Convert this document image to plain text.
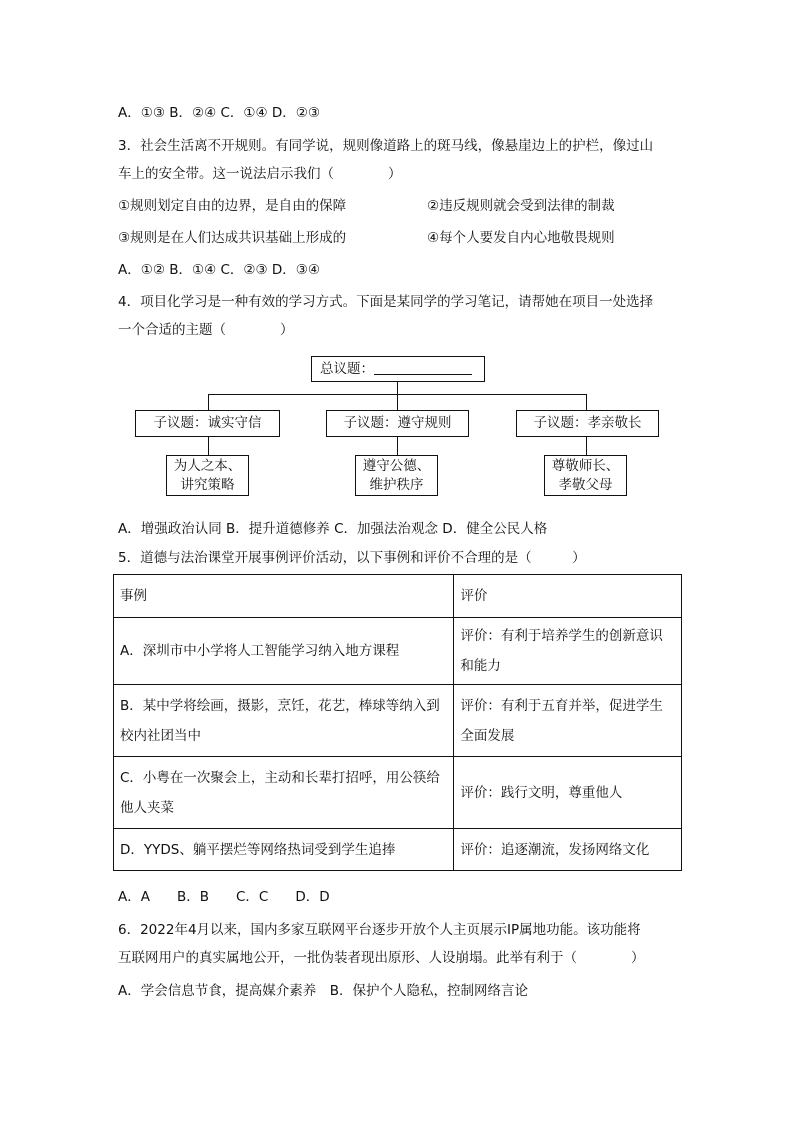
A．①③ B．②④ C．①④ D．②③
3．社会生活离不开规则。有同学说，规则像道路上的斑马线，像悬崖边上的护栏，像过山
车上的安全带。这一说法启示我们（　　　　）
①规则划定自由的边界，是自由的保障	②违反规则就会受到法律的制裁
③规则是在人们达成共识基础上形成的	④每个人要发自内心地敬畏规则
A．①② B．①④ C．②③ D．③④
4．项目化学习是一种有效的学习方式。下面是某同学的学习笔记，请帮她在项目一处选择
一个合适的主题（　　　　）
总议题：
子议题：诚实守信	子议题：遵守规则	子议题：孝亲敬长
为人之本、
讲究策略
遵守公德、
维护秩序
尊敬师长、
孝敬父母
A．增强政治认同 B．提升道德修养 C．加强法治观念 D．健全公民人格
5．道德与法治课堂开展事例评价活动，以下事例和评价不合理的是（　　　）
事例	评价
A．深圳市中小学将人工智能学习纳入地方课程	评价：有利于培养学生的创新意识和能力
B．某中学将绘画，摄影，烹饪，花艺，棒球等纳入到校内社团当中	评价：有利于五育并举，促进学生全面发展
C．小粤在一次聚会上，主动和长辈打招呼，用公筷给他人夹菜	评价：践行文明，尊重他人
D．YYDS、躺平摆烂等网络热词受到学生追捧	评价：追逐潮流，发扬网络文化
A．A　　B．B　　C．C　　D．D
6．2022年4月以来，国内多家互联网平台逐步开放个人主页展示IP属地功能。该功能将
互联网用户的真实属地公开，一批伪装者现出原形、人设崩塌。此举有利于（　　　　）
A．学会信息节食，提高媒介素养　B．保护个人隐私，控制网络言论
